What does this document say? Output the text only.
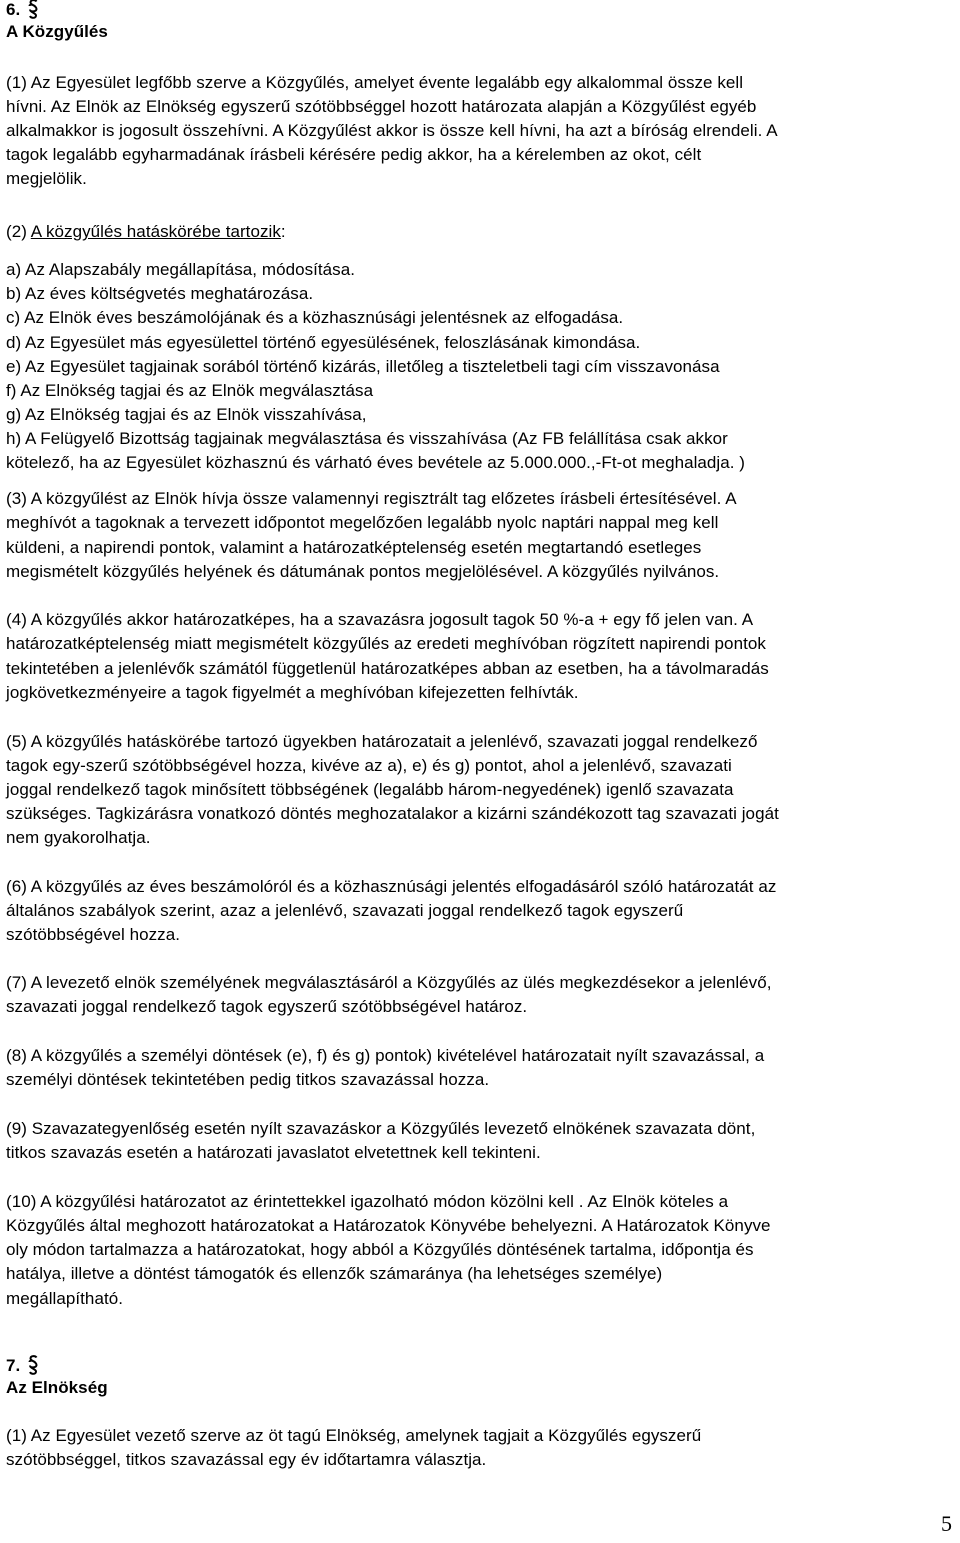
6.
A Közgyűlés
(1) Az Egyesület legfőbb szerve a Közgyűlés, amelyet évente legalább egy alkalommal össze kell
hívni. Az Elnök az Elnökség egyszerű szótöbbséggel hozott határozata alapján a Közgyűlést egyéb
alkalmakkor is jogosult összehívni. A Közgyűlést akkor is össze kell hívni, ha azt a bíróság elrendeli. A
tagok legalább egyharmadának írásbeli kérésére pedig akkor, ha a kérelemben az okot, célt
megjelölik.
(2) A közgyűlés hatáskörébe tartozik:
a) Az Alapszabály megállapítása, módosítása.
b) Az éves költségvetés meghatározása.
c) Az Elnök éves beszámolójának és a közhasznúsági jelentésnek az elfogadása.
d) Az Egyesület más egyesülettel történő egyesülésének, feloszlásának kimondása.
e) Az Egyesület tagjainak sorából történő kizárás, illetőleg a tiszteletbeli tagi cím visszavonása
f) Az Elnökség tagjai és az Elnök megválasztása
g) Az Elnökség tagjai és az Elnök visszahívása,
h) A Felügyelő Bizottság tagjainak megválasztása és visszahívása (Az FB felállítása csak akkor
kötelező, ha az Egyesület közhasznú és várható éves bevétele az 5.000.000.,-Ft-ot meghaladja. )
(3) A közgyűlést az Elnök hívja össze valamennyi regisztrált tag előzetes írásbeli értesítésével. A
meghívót a tagoknak a tervezett időpontot megelőzően legalább nyolc naptári nappal meg kell
küldeni, a napirendi pontok, valamint a határozatképtelenség esetén megtartandó esetleges
megismételt közgyűlés helyének és dátumának pontos megjelölésével. A közgyűlés nyilvános.
(4) A közgyűlés akkor határozatképes, ha a szavazásra jogosult tagok 50 %-a + egy fő jelen van. A
határozatképtelenség miatt megismételt közgyűlés az eredeti meghívóban rögzített napirendi pontok
tekintetében a jelenlévők számától függetlenül határozatképes abban az esetben, ha a távolmaradás
jogkövetkezményeire a tagok figyelmét a meghívóban kifejezetten felhívták.
(5) A közgyűlés hatáskörébe tartozó ügyekben határozatait a jelenlévő, szavazati joggal rendelkező
tagok egy-szerű szótöbbségével hozza, kivéve az a), e) és g) pontot, ahol a jelenlévő, szavazati
joggal rendelkező tagok minősített többségének (legalább három-negyedének) igenlő szavazata
szükséges. Tagkizárásra vonatkozó döntés meghozatalakor a kizárni szándékozott tag szavazati jogát
nem gyakorolhatja.
(6) A közgyűlés az éves beszámolóról és a közhasznúsági jelentés elfogadásáról szóló határozatát az
általános szabályok szerint, azaz a jelenlévő, szavazati joggal rendelkező tagok egyszerű
szótöbbségével hozza.
(7) A levezető elnök személyének megválasztásáról a Közgyűlés az ülés megkezdésekor a jelenlévő,
szavazati joggal rendelkező tagok egyszerű szótöbbségével határoz.
(8) A közgyűlés a személyi döntések (e), f) és g) pontok) kivételével határozatait nyílt szavazással, a
személyi döntések tekintetében pedig titkos szavazással hozza.
(9) Szavazategyenlőség esetén nyílt szavazáskor a Közgyűlés levezető elnökének szavazata dönt,
titkos szavazás esetén a határozati javaslatot elvetettnek kell tekinteni.
(10) A közgyűlési határozatot az érintettekkel igazolható módon közölni kell . Az Elnök köteles a
Közgyűlés által meghozott határozatokat a Határozatok Könyvébe behelyezni. A Határozatok Könyve
oly módon tartalmazza a határozatokat, hogy abból a Közgyűlés döntésének tartalma, időpontja és
hatálya, illetve a döntést támogatók és ellenzők számaránya (ha lehetséges személye)
megállapítható.
7.
Az Elnökség
(1) Az Egyesület vezető szerve az öt tagú Elnökség, amelynek tagjait a Közgyűlés egyszerű
szótöbbséggel, titkos szavazással egy év időtartamra választja.
5
